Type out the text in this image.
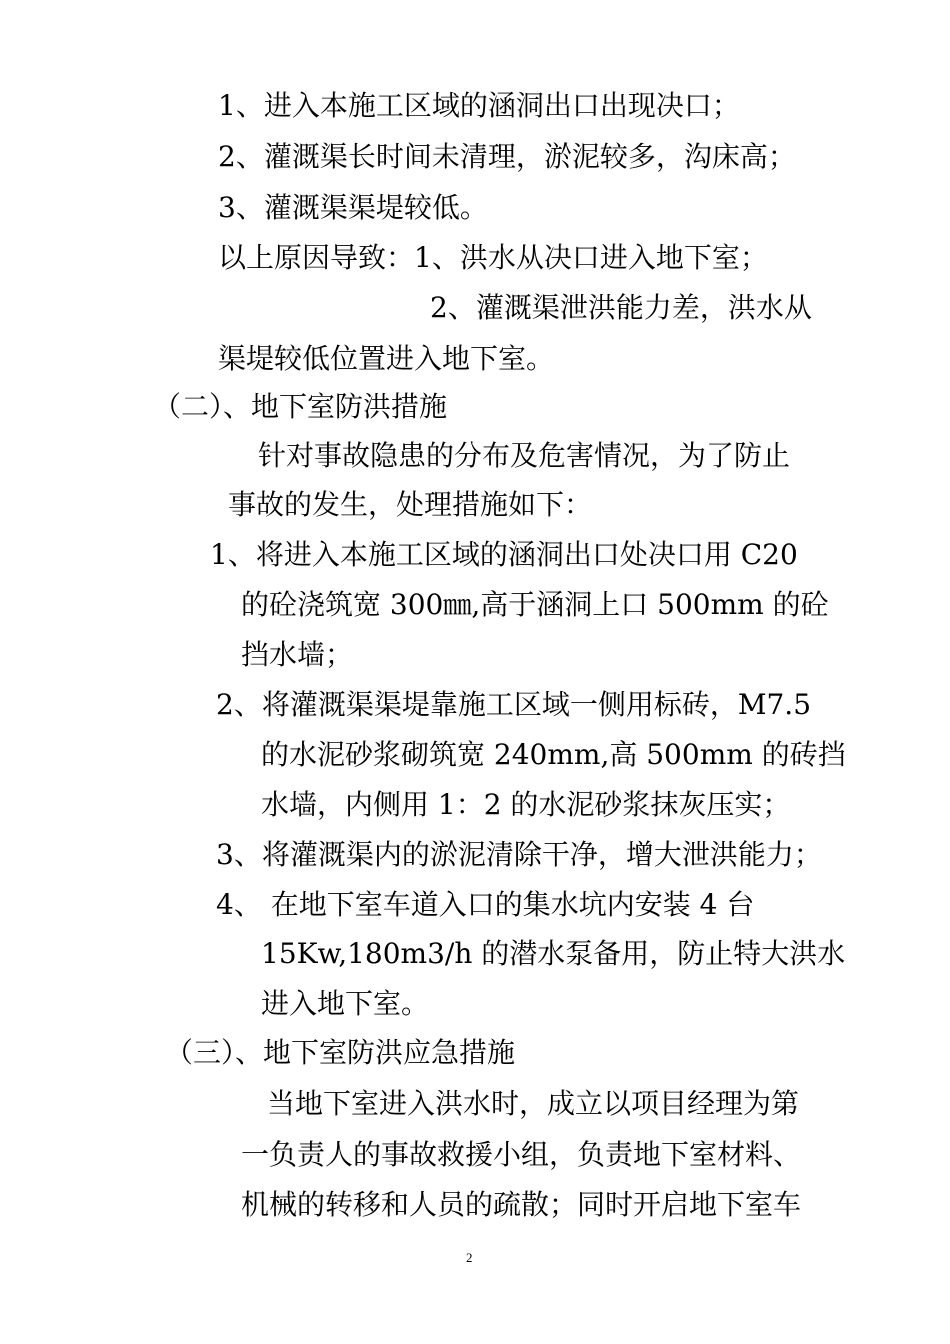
1、进入本施工区域的涵洞出口出现决口；
2、灌溉渠长时间未清理，淤泥较多，沟床高；
3、灌溉渠渠堤较低。
以上原因导致：1、洪水从决口进入地下室；
2、灌溉渠泄洪能力差，洪水从
渠堤较低位置进入地下室。
（二）、地下室防洪措施
针对事故隐患的分布及危害情况，为了防止
事故的发生，处理措施如下：
1、将进入本施工区域的涵洞出口处决口用 C20
的砼浇筑宽 300㎜,高于涵洞上口 500mm 的砼
挡水墙；
2、将灌溉渠渠堤靠施工区域一侧用标砖，M7.5
的水泥砂浆砌筑宽 240mm,高 500mm 的砖挡
水墙，内侧用 1：2 的水泥砂浆抹灰压实；
3、将灌溉渠内的淤泥清除干净，增大泄洪能力；
4、 在地下室车道入口的集水坑内安装 4 台
15Kw,180m3/h 的潜水泵备用，防止特大洪水
进入地下室。
（三）、地下室防洪应急措施
当地下室进入洪水时，成立以项目经理为第
一负责人的事故救援小组，负责地下室材料、
机械的转移和人员的疏散；同时开启地下室车
2
